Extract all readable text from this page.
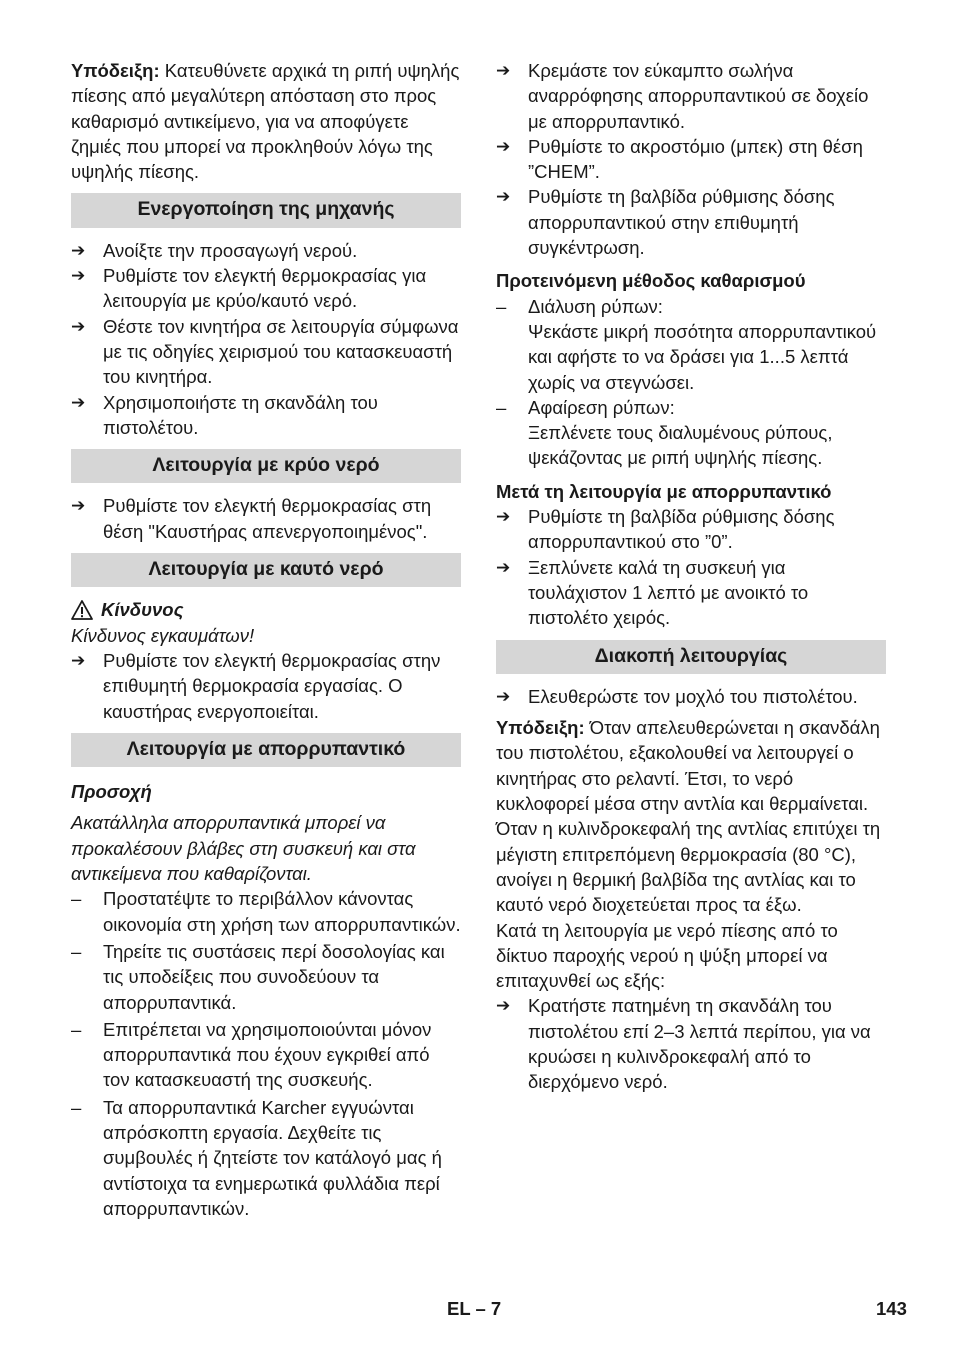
Υπόδειξη: Κατευθύνετε αρχικά τη ριπή υψηλής πίεσης από μεγαλύτερη απόσταση στο προς καθαρισμό αντικείμενο, για να αποφύγετε ζημιές που μπορεί να προκληθούν λόγω της υψηλής πίεσης.

Ενεργοποίηση της μηχανής
➔ Ανοίξτε την προσαγωγή νερού.
➔ Ρυθμίστε τον ελεγκτή θερμοκρασίας για λειτουργία με κρύο/καυτό νερό.
➔ Θέστε τον κινητήρα σε λειτουργία σύμφωνα με τις οδηγίες χειρισμού του κατασκευαστή του κινητήρα.
➔ Χρησιμοποιήστε τη σκανδάλη του πιστολέτου.
Λειτουργία με κρύο νερό
➔ Ρυθμίστε τον ελεγκτή θερμοκρασίας στη θέση "Καυστήρας απενεργοποιημένος".
Λειτουργία με καυτό νερό
Κίνδυνος

Κίνδυνος εγκαυμάτων!

➔ Ρυθμίστε τον ελεγκτή θερμοκρασίας στην επιθυμητή θερμοκρασία εργασίας. Ο καυστήρας ενεργοποιείται.
Λειτουργία με απορρυπαντικό

Προσοχή

Ακατάλληλα απορρυπαντικά μπορεί να προκαλέσουν βλάβες στη συσκευή και στα αντικείμενα που καθαρίζονται.

– Προστατέψτε το περιβάλλον κάνοντας οικονομία στη χρήση των απορρυπαντικών.
– Τηρείτε τις συστάσεις περί δοσολογίας και τις υποδείξεις που συνοδεύουν τα απορρυπαντικά.
– Επιτρέπεται να χρησιμοποιούνται μόνον απορρυπαντικά που έχουν εγκριθεί από τον κατασκευαστή της συσκευής.
– Τα απορρυπαντικά Karcher εγγυώνται απρόσκοπτη εργασία. Δεχθείτε τις συμβουλές ή ζητείστε τον κατάλογό μας ή αντίστοιχα τα ενημερωτικά φυλλάδια περί απορρυπαντικών.
➔ Κρεμάστε τον εύκαμπτο σωλήνα αναρρόφησης απορρυπαντικού σε δοχείο με απορρυπαντικό.
➔ Ρυθμίστε το ακροστόμιο (μπεκ) στη θέση ”CHEM”.
➔ Ρυθμίστε τη βαλβίδα ρύθμισης δόσης απορρυπαντικού στην επιθυμητή συγκέντρωση.

Προτεινόμενη μέθοδος καθαρισμού

– Διάλυση ρύπων:

Ψεκάστε μικρή ποσότητα απορρυπαντικού και αφήστε το να δράσει για 1...5 λεπτά χωρίς να στεγνώσει.

– Αφαίρεση ρύπων:

Ξεπλένετε τους διαλυμένους ρύπους, ψεκάζοντας με ριπή υψηλής πίεσης.

Μετά τη λειτουργία με απορρυπαντικό

➔ Ρυθμίστε τη βαλβίδα ρύθμισης δόσης απορρυπαντικού στο ”0”.
➔ Ξεπλύνετε καλά τη συσκευή για τουλάχιστον 1 λεπτό με ανοικτό το πιστολέτο χειρός.
Διακοπή λειτουργίας
➔ Ελευθερώστε τον μοχλό του πιστολέτου.

Υπόδειξη: Όταν απελευθερώνεται η σκανδάλη του πιστολέτου, εξακολουθεί να λειτουργεί ο κινητήρας στο ρελαντί. Έτσι, το νερό κυκλοφορεί μέσα στην αντλία και θερμαίνεται. Όταν η κυλινδροκεφαλή της αντλίας επιτύχει τη μέγιστη επιτρεπόμενη θερμοκρασία (80 °C), ανοίγει η θερμική βαλβίδα της αντλίας και το καυτό νερό διοχετεύεται προς τα έξω.

Κατά τη λειτουργία με νερό πίεσης από το δίκτυο παροχής νερού η ψύξη μπορεί να επιταχυνθεί ως εξής:

➔ Κρατήστε πατημένη τη σκανδάλη του πιστολέτου επί 2–3 λεπτά περίπου, για να κρυώσει η κυλινδροκεφαλή από το διερχόμενο νερό.
EL – 7	143
